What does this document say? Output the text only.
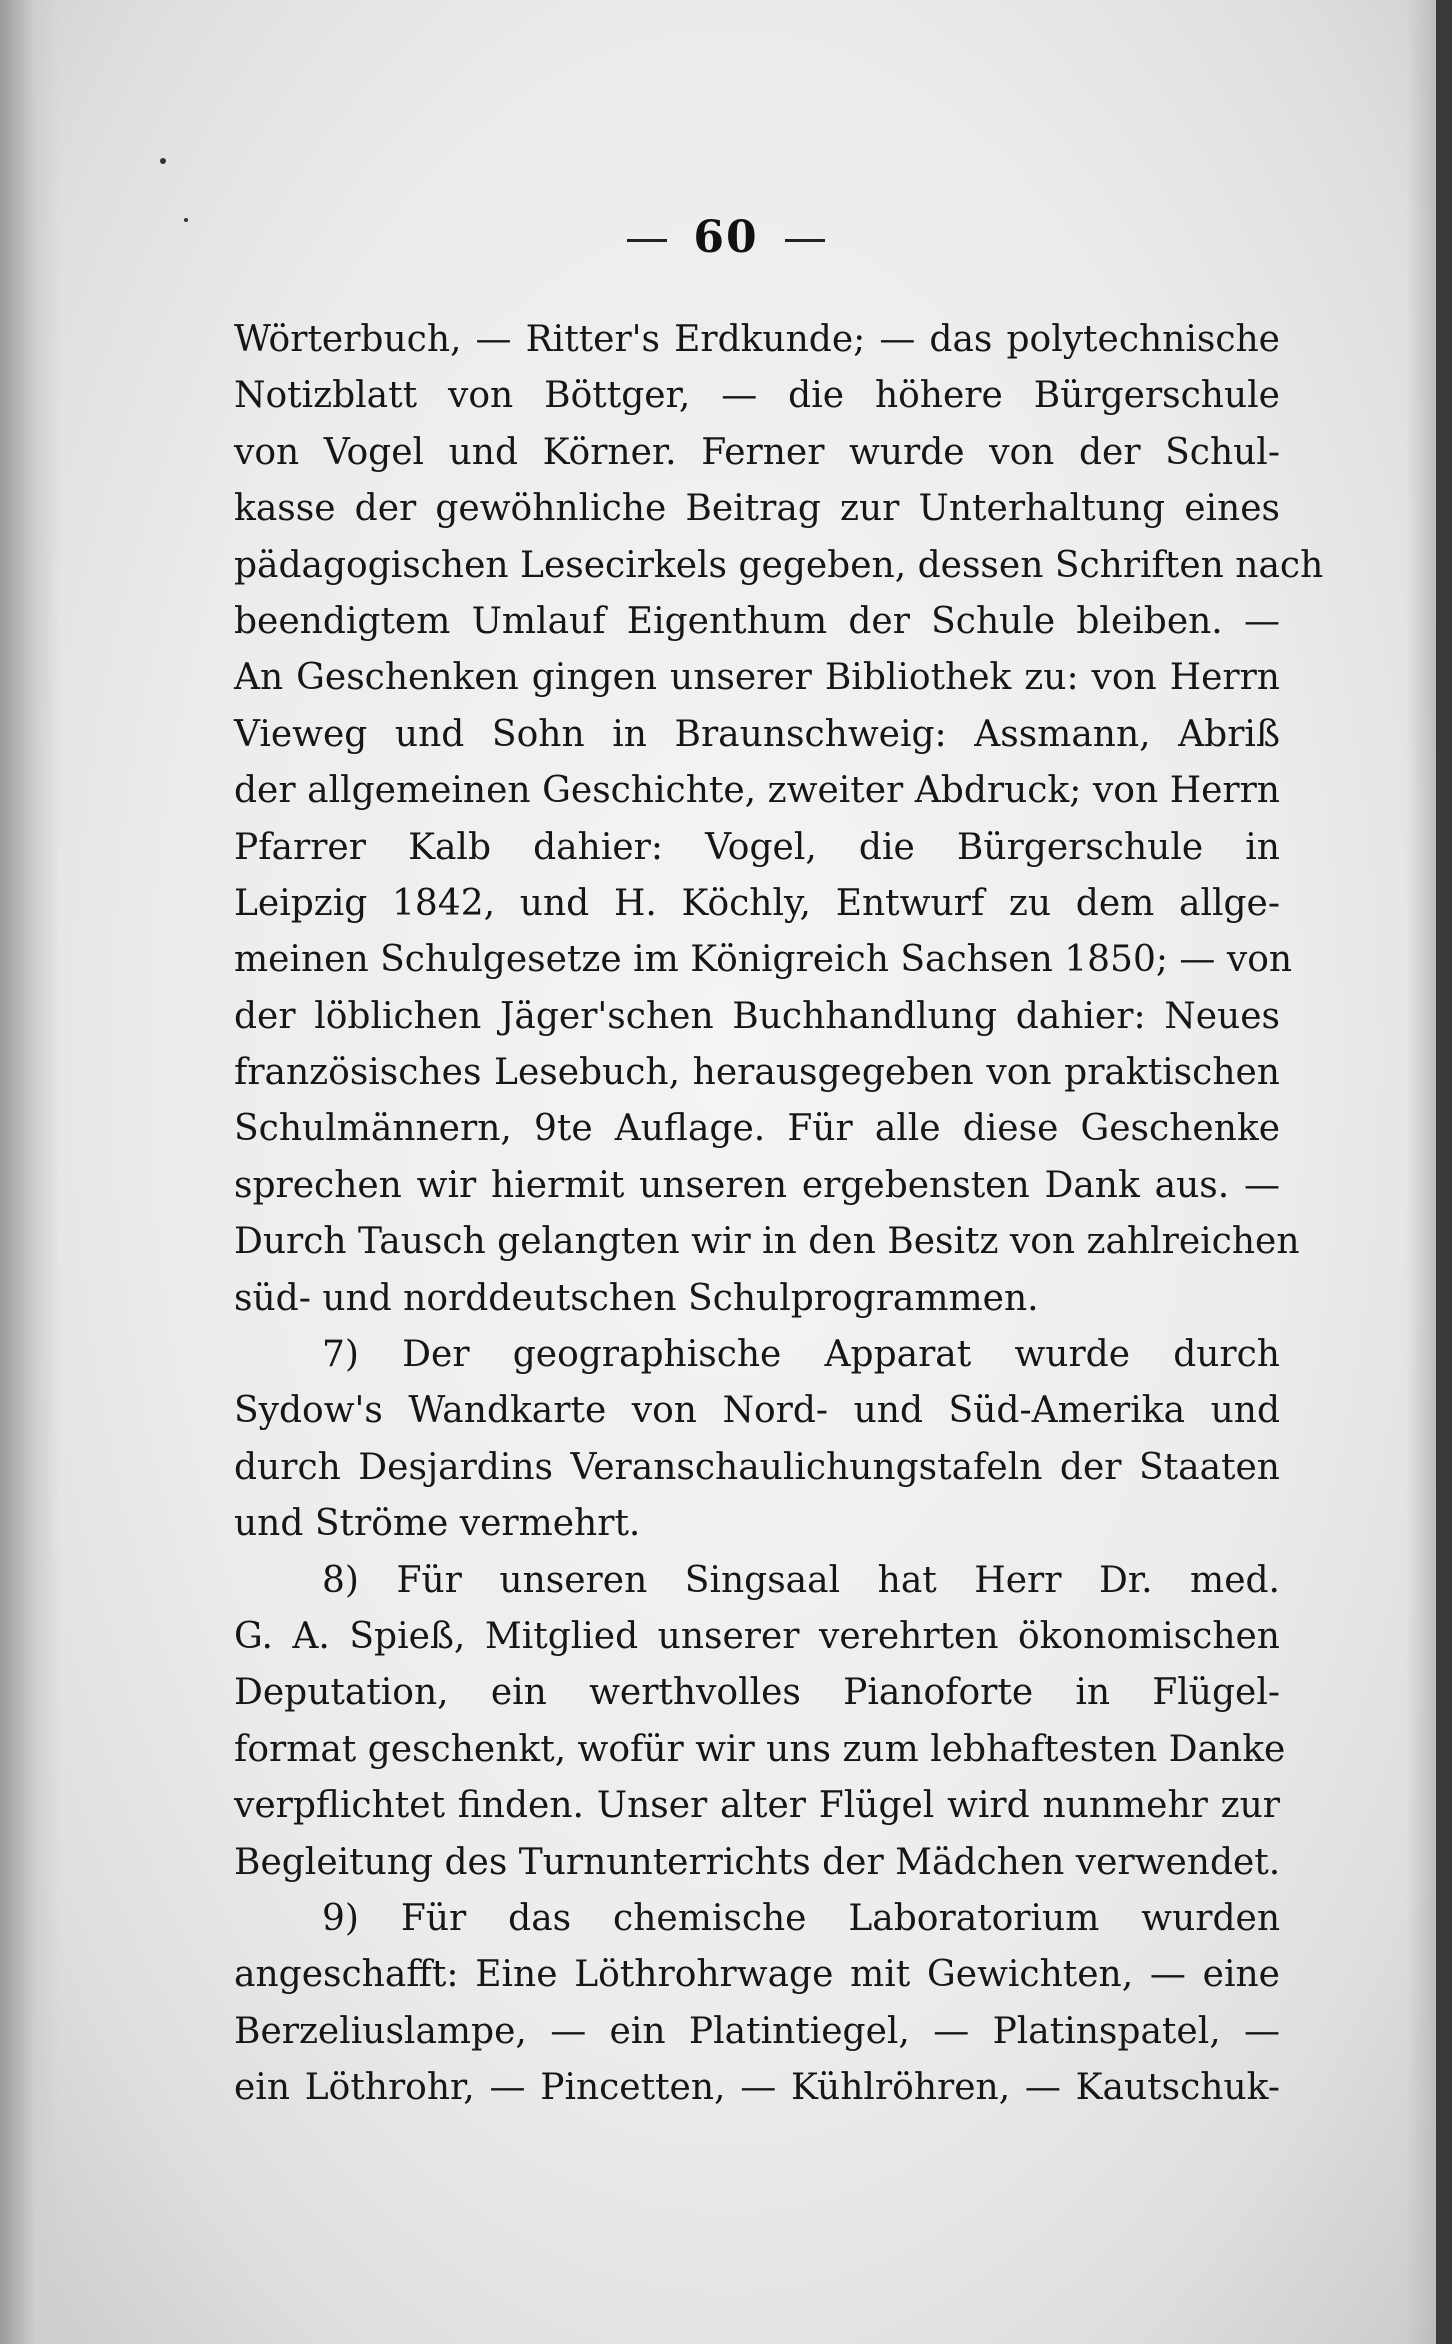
60
Wörterbuch, — Ritter's Erdkunde; — das polytechnische
Notizblatt von Böttger, — die höhere Bürgerschule
von Vogel und Körner. Ferner wurde von der Schul-
kasse der gewöhnliche Beitrag zur Unterhaltung eines
pädagogischen Lesecirkels gegeben, dessen Schriften nach
beendigtem Umlauf Eigenthum der Schule bleiben. —
An Geschenken gingen unserer Bibliothek zu: von Herrn
Vieweg und Sohn in Braunschweig: Assmann, Abriß
der allgemeinen Geschichte, zweiter Abdruck; von Herrn
Pfarrer Kalb dahier: Vogel, die Bürgerschule in
Leipzig 1842, und H. Köchly, Entwurf zu dem allge-
meinen Schulgesetze im Königreich Sachsen 1850; — von
der löblichen Jäger'schen Buchhandlung dahier: Neues
französisches Lesebuch, herausgegeben von praktischen
Schulmännern, 9te Auflage. Für alle diese Geschenke
sprechen wir hiermit unseren ergebensten Dank aus. —
Durch Tausch gelangten wir in den Besitz von zahlreichen
süd- und norddeutschen Schulprogrammen.
7) Der geographische Apparat wurde durch
Sydow's Wandkarte von Nord- und Süd-Amerika und
durch Desjardins Veranschaulichungstafeln der Staaten
und Ströme vermehrt.
8) Für unseren Singsaal hat Herr Dr. med.
G. A. Spieß, Mitglied unserer verehrten ökonomischen
Deputation, ein werthvolles Pianoforte in Flügel-
format geschenkt, wofür wir uns zum lebhaftesten Danke
verpflichtet finden. Unser alter Flügel wird nunmehr zur
Begleitung des Turnunterrichts der Mädchen verwendet.
9) Für das chemische Laboratorium wurden
angeschafft: Eine Löthrohrwage mit Gewichten, — eine
Berzeliuslampe, — ein Platintiegel, — Platinspatel, —
ein Löthrohr, — Pincetten, — Kühlröhren, — Kautschuk-
